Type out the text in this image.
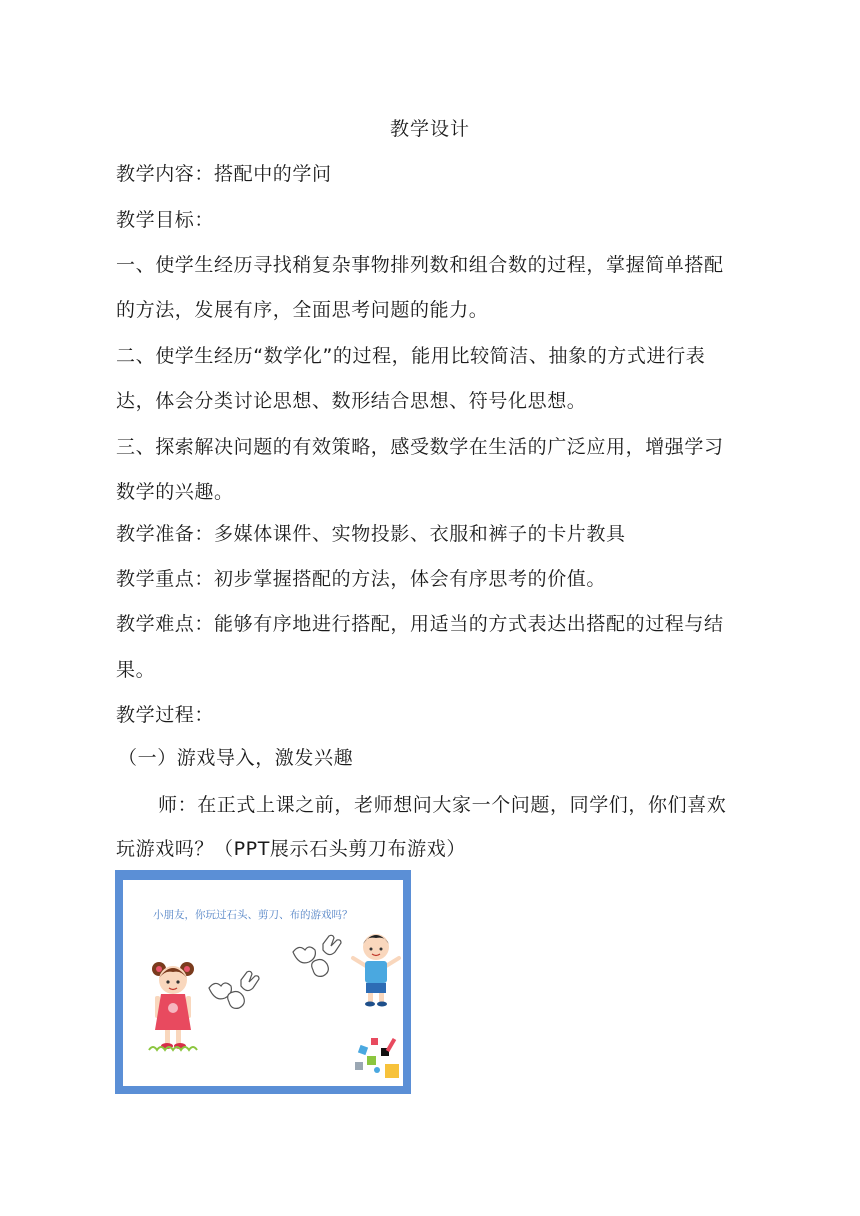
教学设计
教学内容：搭配中的学问
教学目标：
一、使学生经历寻找稍复杂事物排列数和组合数的过程，掌握简单搭配
的方法，发展有序，全面思考问题的能力。
二、使学生经历“数学化”的过程，能用比较简洁、抽象的方式进行表
达，体会分类讨论思想、数形结合思想、符号化思想。
三、探索解决问题的有效策略，感受数学在生活的广泛应用，增强学习
数学的兴趣。
教学准备：多媒体课件、实物投影、衣服和裤子的卡片教具
教学重点：初步掌握搭配的方法，体会有序思考的价值。
教学难点：能够有序地进行搭配，用适当的方式表达出搭配的过程与结
果。
教学过程：
（一）游戏导入，激发兴趣
师：在正式上课之前，老师想问大家一个问题，同学们，你们喜欢
玩游戏吗？（PPT展示石头剪刀布游戏）
小朋友，你玩过石头、剪刀、布的游戏吗？
